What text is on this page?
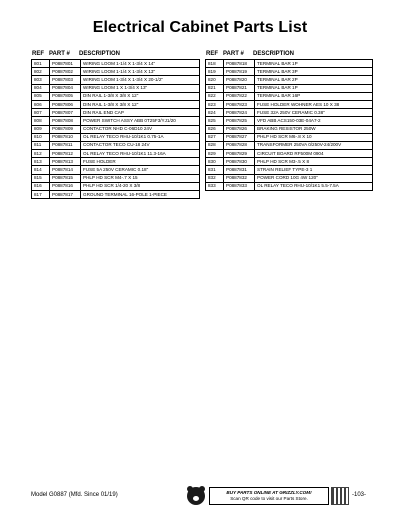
Electrical Cabinet Parts List
REF PART #	DESCRIPTION
801	P0887801	WIRING LOOM 1-1/4 X 1-3/4 X 14"
802	P0887802	WIRING LOOM 1-1/4 X 1-3/4 X 13"
803	P0887803	WIRING LOOM 1-3/4 X 1-3/4 X 20-1/2"
804	P0887804	WIRING LOOM 1 X 1-3/4 X 13"
805	P0887805	DIN RAIL 1-3/8 X 3/8 X 12"
806	P0887806	DIN RAIL 1-3/8 X 3/8 X 12"
807	P0887807	DIN RAIL END CAP
808	P0887808	POWER SWITCH ASSY ABB 0T25F3/YJ1/20
809	P0887809	CONTACTOR NHD C-06D10 24V
810	P0887810	OL RELAY TECO RHU-10/1K1 0.75-1A
811	P0887811	CONTACTOR TECO CU-18 24V
812	P0887812	OL RELAY TECO RHU-10/1K1 11.3-16A
813	P0887813	FUSE HOLDER
814	P0887814	FUSE 5A 250V CERAMIC 0.18"
815	P0887815	PHLP HD SCR M4-.7 X 15
816	P0887816	PHLP HD SCR 1/4-20 X 3/8
817	P0887817	GROUND TERMINAL 16-POLE 1-PIECE
REF PART #	DESCRIPTION
818	P0887818	TERMINAL BAR 1P
819	P0887819	TERMINAL BAR 3P
820	P0887820	TERMINAL BAR 2P
821	P0887821	TERMINAL BAR 1P
822	P0887822	TERMINAL BAR 16P
823	P0887823	FUSE HOLDER WOHNER AES 10 X 38
824	P0887824	FUSE 32A 250V CERAMIC 0.38"
825	P0887825	VFD ABB ACS150-03E-04A7-2
826	P0887826	BRAKING RESISTOR 250W
827	P0887827	PHLP HD SCR M6-.8 X 10
828	P0887828	TRANSFORMER 250VA 0/250V-24/200V
829	P0887829	CIRCUIT BOARD RF500M 0904
830	P0887830	PHLP HD SCR M3-.5 X 8
831	P0887831	STRAIN RELIEF TYPE-3 1
832	P0887832	POWER CORD 10G 4W 120"
833	P0887833	OL RELAY TECO RHU-10/1K1 5.5-7.5A
Model G0887 (Mfd. Since 01/19)	BUY PARTS ONLINE AT GRIZZLY.COM!
Scan QR code to visit our Parts Store.
-103-
